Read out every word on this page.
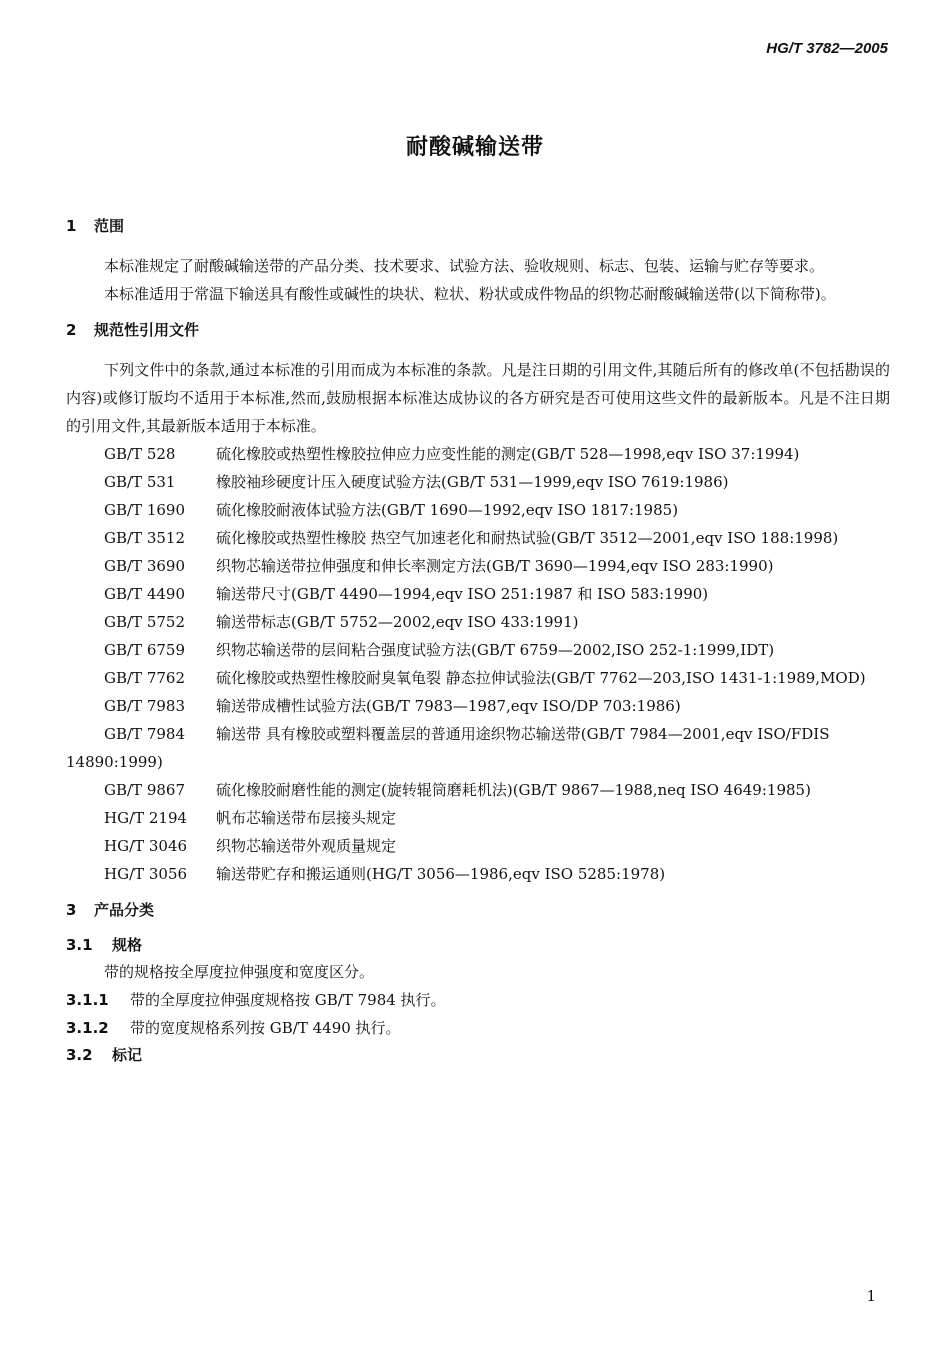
HG/T 3782—2005
耐酸碱输送带

1 范围

本标准规定了耐酸碱输送带的产品分类、技术要求、试验方法、验收规则、标志、包装、运输与贮存等要求。

本标准适用于常温下输送具有酸性或碱性的块状、粒状、粉状或成件物品的织物芯耐酸碱输送带(以下简称带)。

2 规范性引用文件

下列文件中的条款,通过本标准的引用而成为本标准的条款。凡是注日期的引用文件,其随后所有的修改单(不包括勘误的内容)或修订版均不适用于本标准,然而,鼓励根据本标准达成协议的各方研究是否可使用这些文件的最新版本。凡是不注日期的引用文件,其最新版本适用于本标准。

GB/T 528	硫化橡胶或热塑性橡胶拉伸应力应变性能的测定(GB/T 528—1998,eqv ISO 37:1994)

GB/T 531	橡胶袖珍硬度计压入硬度试验方法(GB/T 531—1999,eqv ISO 7619:1986)

GB/T 1690 硫化橡胶耐液体试验方法(GB/T 1690—1992,eqv ISO 1817:1985)

GB/T 3512 硫化橡胶或热塑性橡胶 热空气加速老化和耐热试验(GB/T 3512—2001,eqv ISO 188:1998)

GB/T 3690 织物芯输送带拉伸强度和伸长率测定方法(GB/T 3690—1994,eqv ISO 283:1990)

GB/T 4490 输送带尺寸(GB/T 4490—1994,eqv ISO 251:1987 和 ISO 583:1990)

GB/T 5752 输送带标志(GB/T 5752—2002,eqv ISO 433:1991)

GB/T 6759 织物芯输送带的层间粘合强度试验方法(GB/T 6759—2002,ISO 252-1:1999,IDT)

GB/T 7762 硫化橡胶或热塑性橡胶耐臭氧龟裂 静态拉伸试验法(GB/T 7762—203,ISO 1431-1:1989,MOD)

GB/T 7983 输送带成槽性试验方法(GB/T 7983—1987,eqv ISO/DP 703:1986)

GB/T 7984 输送带 具有橡胶或塑料覆盖层的普通用途织物芯输送带(GB/T 7984—2001,eqv ISO/FDIS 14890:1999)

GB/T 9867 硫化橡胶耐磨性能的测定(旋转辊筒磨耗机法)(GB/T 9867—1988,neq ISO 4649:1985)

HG/T 2194 帆布芯输送带布层接头规定

HG/T 3046 织物芯输送带外观质量规定

HG/T 3056 输送带贮存和搬运通则(HG/T 3056—1986,eqv ISO 5285:1978)

3 产品分类

3.1 规格

带的规格按全厚度拉伸强度和宽度区分。

3.1.1 带的全厚度拉伸强度规格按 GB/T 7984 执行。

3.1.2 带的宽度规格系列按 GB/T 4490 执行。

3.2 标记

1
